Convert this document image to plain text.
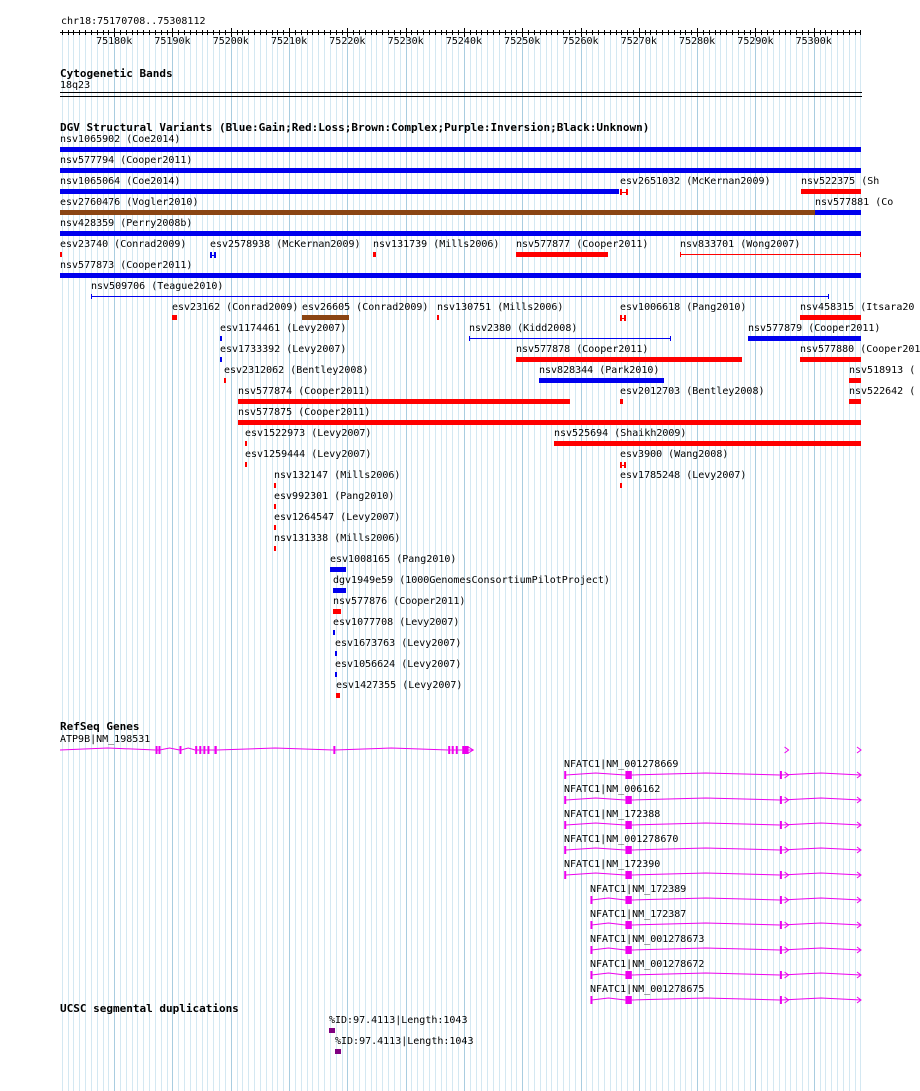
chr18:75170708..75308112
75180k 75190k 75200k 75210k 75220k 75230k 75240k 75250k 75260k 75270k 75280k 75290k 75300k
Cytogenetic Bands
18q23
DGV Structural Variants (Blue:Gain;Red:Loss;Brown:Complex;Purple:Inversion;Black:Unknown)
nsv1065902 (Coe2014)
nsv577794 (Cooper2011)
nsv1065064 (Coe2014)	esv2651032 (McKernan2009)	nsv522375 (Sh
esv2760476 (Vogler2010)	nsv577881 (Co
nsv428359 (Perry2008b)
esv23740 (Conrad2009) esv2578938 (McKernan2009) nsv131739 (Mills2006) nsv577877 (Cooper2011)	nsv833701 (Wong2007)
nsv577873 (Cooper2011)
nsv509706 (Teague2010)
esv23162 (Conrad2009) esv26605 (Conrad2009) nsv130751 (Mills2006)	esv1006618 (Pang2010)	nsv458315 (Itsara20
esv1174461 (Levy2007)	nsv2380 (Kidd2008)	nsv577879 (Cooper2011)
esv1733392 (Levy2007)	nsv577878 (Cooper2011)	nsv577880 (Cooper201
esv2312062 (Bentley2008)	nsv828344 (Park2010)	nsv518913 (
nsv577874 (Cooper2011)	esv2012703 (Bentley2008)	nsv522642 (
nsv577875 (Cooper2011)
esv1522973 (Levy2007)	nsv525694 (Shaikh2009)
esv1259444 (Levy2007)	esv3900 (Wang2008)
nsv132147 (Mills2006)	esv1785248 (Levy2007)
esv992301 (Pang2010)
esv1264547 (Levy2007)
nsv131338 (Mills2006)
esv1008165 (Pang2010)
dgv1949e59 (1000GenomesConsortiumPilotProject)
nsv577876 (Cooper2011)
esv1077708 (Levy2007)
esv1673763 (Levy2007)
esv1056624 (Levy2007)
esv1427355 (Levy2007)
RefSeq Genes
ATP9B|NM_198531
NFATC1|NM_001278669
NFATC1|NM_006162
NFATC1|NM_172388
NFATC1|NM_001278670
NFATC1|NM_172390
NFATC1|NM_172389
NFATC1|NM_172387
NFATC1|NM_001278673
NFATC1|NM_001278672
NFATC1|NM_001278675
UCSC segmental duplications
%ID:97.4113|Length:1043
%ID:97.4113|Length:1043
